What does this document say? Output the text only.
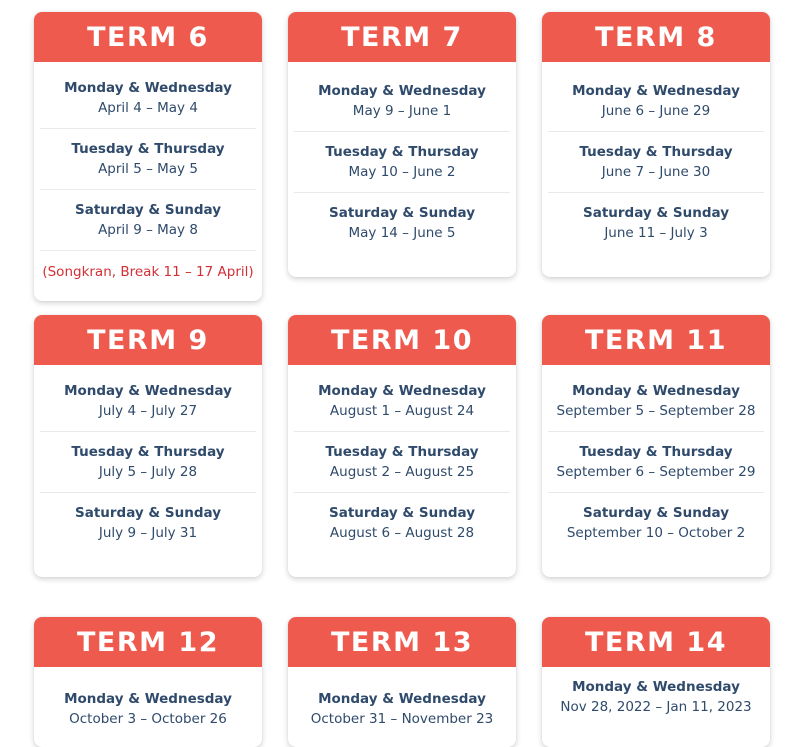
TERM 6
Monday & Wednesday
April 4 – May 4
Tuesday & Thursday
April 5 – May 5
Saturday & Sunday
April 9 – May 8
(Songkran, Break 11 – 17 April)
TERM 7
Monday & Wednesday
May 9 – June 1
Tuesday & Thursday
May 10 – June 2
Saturday & Sunday
May 14 – June 5
TERM 8
Monday & Wednesday
June 6 – June 29
Tuesday & Thursday
June 7 – June 30
Saturday & Sunday
June 11 – July 3
TERM 9
Monday & Wednesday
July 4 – July 27
Tuesday & Thursday
July 5 – July 28
Saturday & Sunday
July 9 – July 31
TERM 10
Monday & Wednesday
August 1 – August 24
Tuesday & Thursday
August 2 – August 25
Saturday & Sunday
August 6 – August 28
TERM 11
Monday & Wednesday
September 5 – September 28
Tuesday & Thursday
September 6 – September 29
Saturday & Sunday
September 10 – October 2
TERM 12
Monday & Wednesday
October 3 – October 26
TERM 13
Monday & Wednesday
October 31 – November 23
TERM 14
Monday & Wednesday
Nov 28, 2022 – Jan 11, 2023
